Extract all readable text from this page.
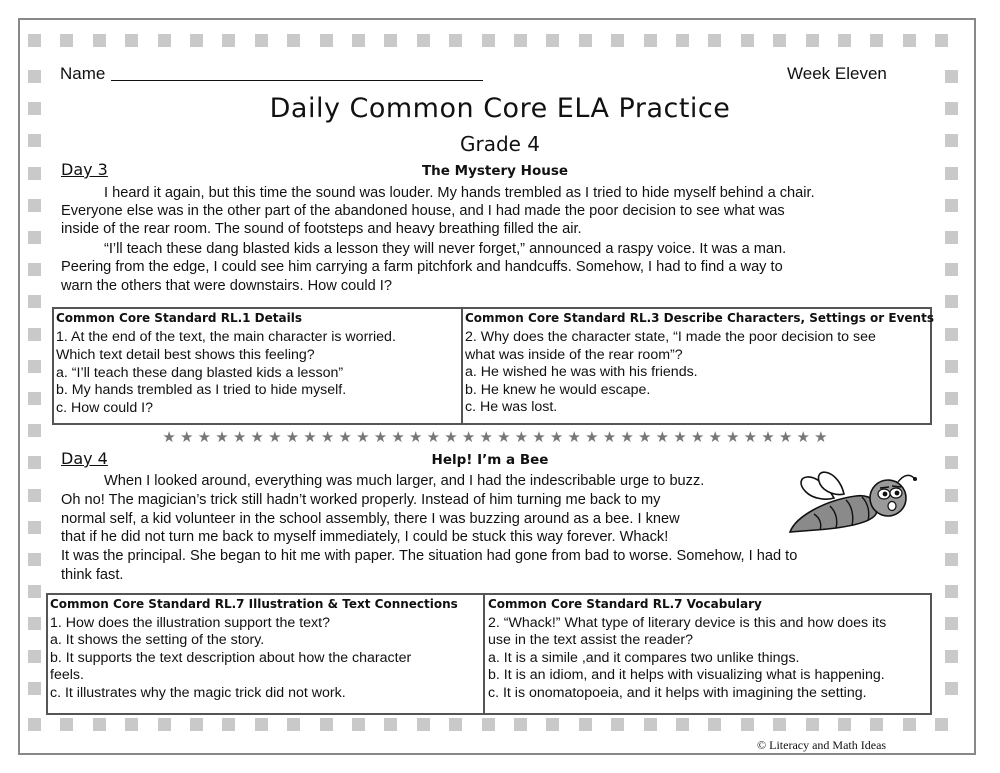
Name	Week Eleven
Daily Common Core ELA Practice
Grade 4
Day 3	The Mystery House
I heard it again, but this time the sound was louder. My hands trembled as I tried to hide myself behind a chair.
Everyone else was in the other part of the abandoned house, and I had made the poor decision to see what was
inside of the rear room. The sound of footsteps and heavy breathing filled the air.
“I’ll teach these dang blasted kids a lesson they will never forget,” announced a raspy voice. It was a man.
Peering from the edge, I could see him carrying a farm pitchfork and handcuffs. Somehow, I had to find a way to
warn the others that were downstairs. How could I?
Common Core Standard RL.1 Details
1. At the end of the text, the main character is worried.
Which text detail best shows this feeling?
a. “I’ll teach these dang blasted kids a lesson”
b. My hands trembled as I tried to hide myself.
c. How could I?
Common Core Standard RL.3 Describe Characters, Settings or Events
2. Why does the character state, “I made the poor decision to see
what was inside of the rear room”?
a. He wished he was with his friends.
b. He knew he would escape.
c. He was lost.
★ ★ ★ ★ ★ ★ ★ ★ ★ ★ ★ ★ ★ ★ ★ ★ ★ ★ ★ ★ ★ ★ ★ ★ ★ ★ ★ ★ ★ ★ ★ ★ ★ ★ ★ ★ ★ ★
Day 4	Help! I’m a Bee
When I looked around, everything was much larger, and I had the indescribable urge to buzz.
Oh no! The magician’s trick still hadn’t worked properly. Instead of him turning me back to my
normal self, a kid volunteer in the school assembly, there I was buzzing around as a bee. I knew
that if he did not turn me back to myself immediately, I could be stuck this way forever. Whack!
It was the principal. She began to hit me with paper. The situation had gone from bad to worse. Somehow, I had to
think fast.
Common Core Standard RL.7 Illustration & Text Connections
1. How does the illustration support the text?
a. It shows the setting of the story.
b. It supports the text description about how the character
feels.
c. It illustrates why the magic trick did not work.
Common Core Standard RL.7 Vocabulary
2. “Whack!” What type of literary device is this and how does its
use in the text assist the reader?
a. It is a simile ,and it compares two unlike things.
b. It is an idiom, and it helps with visualizing what is happening.
c. It is onomatopoeia, and it helps with imagining the setting.
© Literacy and Math Ideas
